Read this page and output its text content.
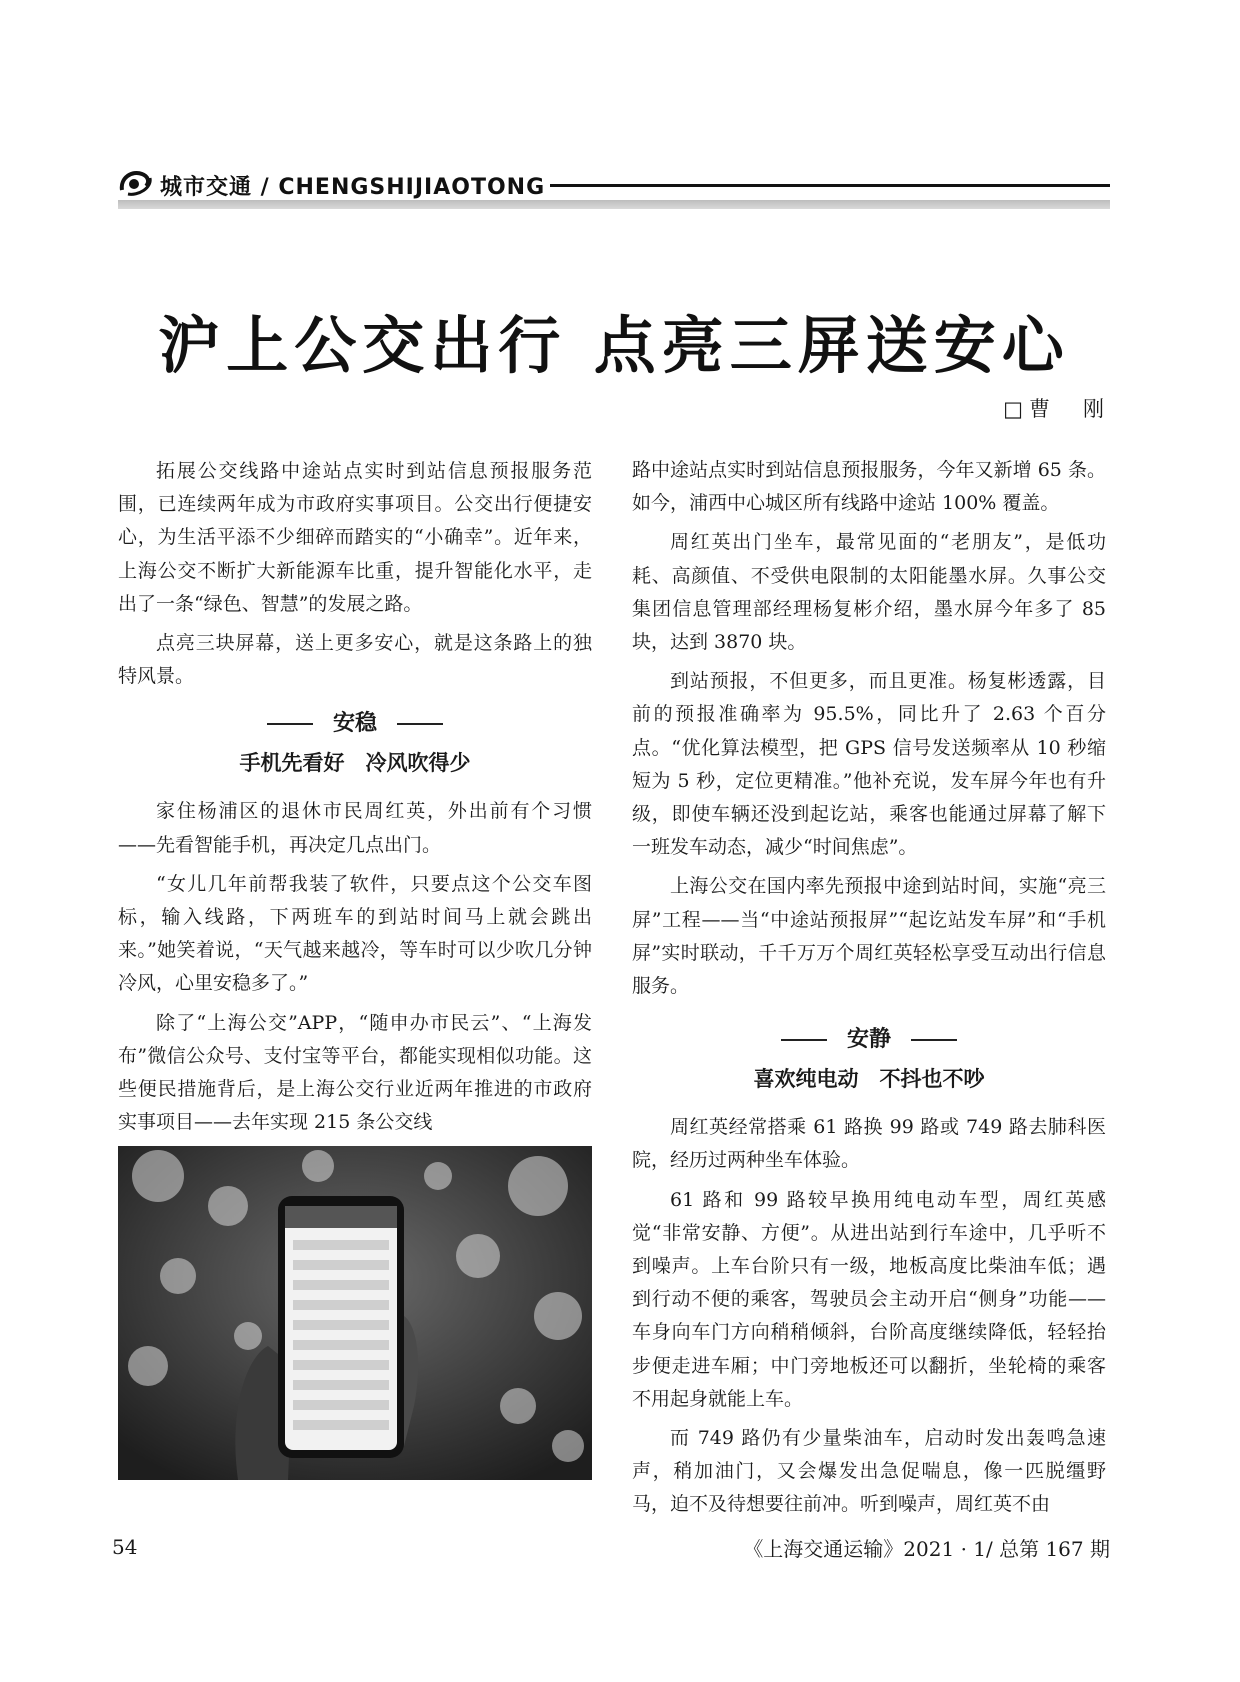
城市交通 / CHENGSHIJIAOTONG
沪上公交出行 点亮三屏送安心
□曹　刚

拓展公交线路中途站点实时到站信息预报服务范围，已连续两年成为市政府实事项目。公交出行便捷安心，为生活平添不少细碎而踏实的“小确幸”。近年来，上海公交不断扩大新能源车比重，提升智能化水平，走出了一条“绿色、智慧”的发展之路。

点亮三块屏幕，送上更多安心，就是这条路上的独特风景。

安稳
手机先看好　冷风吹得少

家住杨浦区的退休市民周红英，外出前有个习惯——先看智能手机，再决定几点出门。

“女儿几年前帮我装了软件，只要点这个公交车图标，输入线路，下两班车的到站时间马上就会跳出来。”她笑着说，“天气越来越冷，等车时可以少吹几分钟冷风，心里安稳多了。”

除了“上海公交”APP，“随申办市民云”、“上海发布”微信公众号、支付宝等平台，都能实现相似功能。这些便民措施背后，是上海公交行业近两年推进的市政府实事项目——去年实现 215 条公交线

路中途站点实时到站信息预报服务，今年又新增 65 条。如今，浦西中心城区所有线路中途站 100% 覆盖。

周红英出门坐车，最常见面的“老朋友”，是低功耗、高颜值、不受供电限制的太阳能墨水屏。久事公交集团信息管理部经理杨复彬介绍，墨水屏今年多了 85 块，达到 3870 块。

到站预报，不但更多，而且更准。杨复彬透露，目前的预报准确率为 95.5%，同比升了 2.63 个百分点。“优化算法模型，把 GPS 信号发送频率从 10 秒缩短为 5 秒，定位更精准。”他补充说，发车屏今年也有升级，即使车辆还没到起讫站，乘客也能通过屏幕了解下一班发车动态，减少“时间焦虑”。

上海公交在国内率先预报中途到站时间，实施“亮三屏”工程——当“中途站预报屏”“起讫站发车屏”和“手机屏”实时联动，千千万万个周红英轻松享受互动出行信息服务。

安静
喜欢纯电动　不抖也不吵

周红英经常搭乘 61 路换 99 路或 749 路去肺科医院，经历过两种坐车体验。

61 路和 99 路较早换用纯电动车型，周红英感觉“非常安静、方便”。从进出站到行车途中，几乎听不到噪声。上车台阶只有一级，地板高度比柴油车低；遇到行动不便的乘客，驾驶员会主动开启“侧身”功能——车身向车门方向稍稍倾斜，台阶高度继续降低，轻轻抬步便走进车厢；中门旁地板还可以翻折，坐轮椅的乘客不用起身就能上车。

而 749 路仍有少量柴油车，启动时发出轰鸣急速声，稍加油门，又会爆发出急促喘息，像一匹脱缰野马，迫不及待想要往前冲。听到噪声，周红英不由

54	《上海交通运输》2021 · 1/ 总第 167 期
